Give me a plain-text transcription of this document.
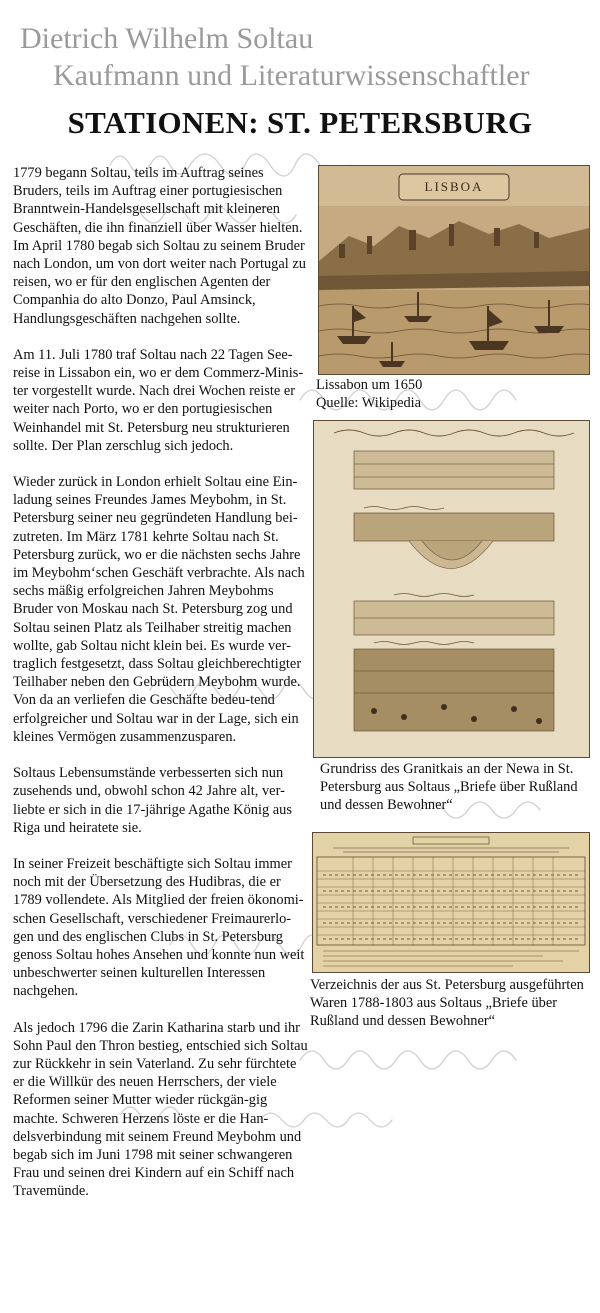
Dietrich Wilhelm Soltau
Kaufmann und Literaturwissenschaftler
STATIONEN: ST. PETERSBURG

1779 begann Soltau, teils im Auftrag seines Bruders, teils im Auftrag einer portugiesischen Branntwein-Handelsgesellschaft mit kleineren Geschäften, die ihn finanziell über Wasser hielten. Im April 1780 begab sich Soltau zu seinem Bruder nach London, um von dort weiter nach Portugal zu reisen, wo er für den englischen Agenten der Companhia do alto Donzo, Paul Amsinck, Handlungsgeschäften nachgehen sollte.

Am 11. Juli 1780 traf Soltau nach 22 Tagen See-reise in Lissabon ein, wo er dem Commerz-Minis-ter vorgestellt wurde. Nach drei Wochen reiste er weiter nach Porto, wo er den portugiesischen Weinhandel mit St. Petersburg neu strukturieren sollte. Der Plan zerschlug sich jedoch.

Wieder zurück in London erhielt Soltau eine Ein-ladung seines Freundes James Meybohm, in St. Petersburg seiner neu gegründeten Handlung bei-zutreten. Im März 1781 kehrte Soltau nach St. Petersburg zurück, wo er die nächsten sechs Jahre im Meybohm‘schen Geschäft verbrachte. Als nach sechs mäßig erfolgreichen Jahren Meybohms Bruder von Moskau nach St. Petersburg zog und Soltau seinen Platz als Teilhaber streitig machen wollte, gab Soltau nicht klein bei. Es wurde ver-traglich festgesetzt, dass Soltau gleichberechtigter Teilhaber neben den Gebrüdern Meybohm wurde. Von da an verliefen die Geschäfte bedeu-tend erfolgreicher und Soltau war in der Lage, sich ein kleines Vermögen zusammenzusparen.

Soltaus Lebensumstände verbesserten sich nun zusehends und, obwohl schon 42 Jahre alt, ver-liebte er sich in die 17-jährige Agathe König aus Riga und heiratete sie.

In seiner Freizeit beschäftigte sich Soltau immer noch mit der Übersetzung des Hudibras, die er 1789 vollendete. Als Mitglied der freien ökonomi-schen Gesellschaft, verschiedener Freimaurerlo-gen und des englischen Clubs in St. Petersburg genoss Soltau hohes Ansehen und konnte nun weit unbeschwerter seinen kulturellen Interessen nachgehen.

Als jedoch 1796 die Zarin Katharina starb und ihr Sohn Paul den Thron bestieg, entschied sich Soltau zur Rückkehr in sein Vaterland. Zu sehr fürchtete er die Willkür des neuen Herrschers, der viele Reformen seiner Mutter wieder rückgän-gig machte. Schweren Herzens löste er die Han-delsverbindung mit seinem Freund Meybohm und begab sich im Juni 1798 mit seiner schwangeren Frau und seinen drei Kindern auf ein Schiff nach Travemünde.

LISBOA
Lissabon um 1650
Quelle: Wikipedia
Grundriss des Granitkais an der Newa in St. Petersburg aus Soltaus „Briefe über Rußland und dessen Bewohner“
Verzeichnis der aus St. Petersburg ausgeführten Waren 1788-1803 aus Soltaus „Briefe über Rußland und dessen Bewohner“
